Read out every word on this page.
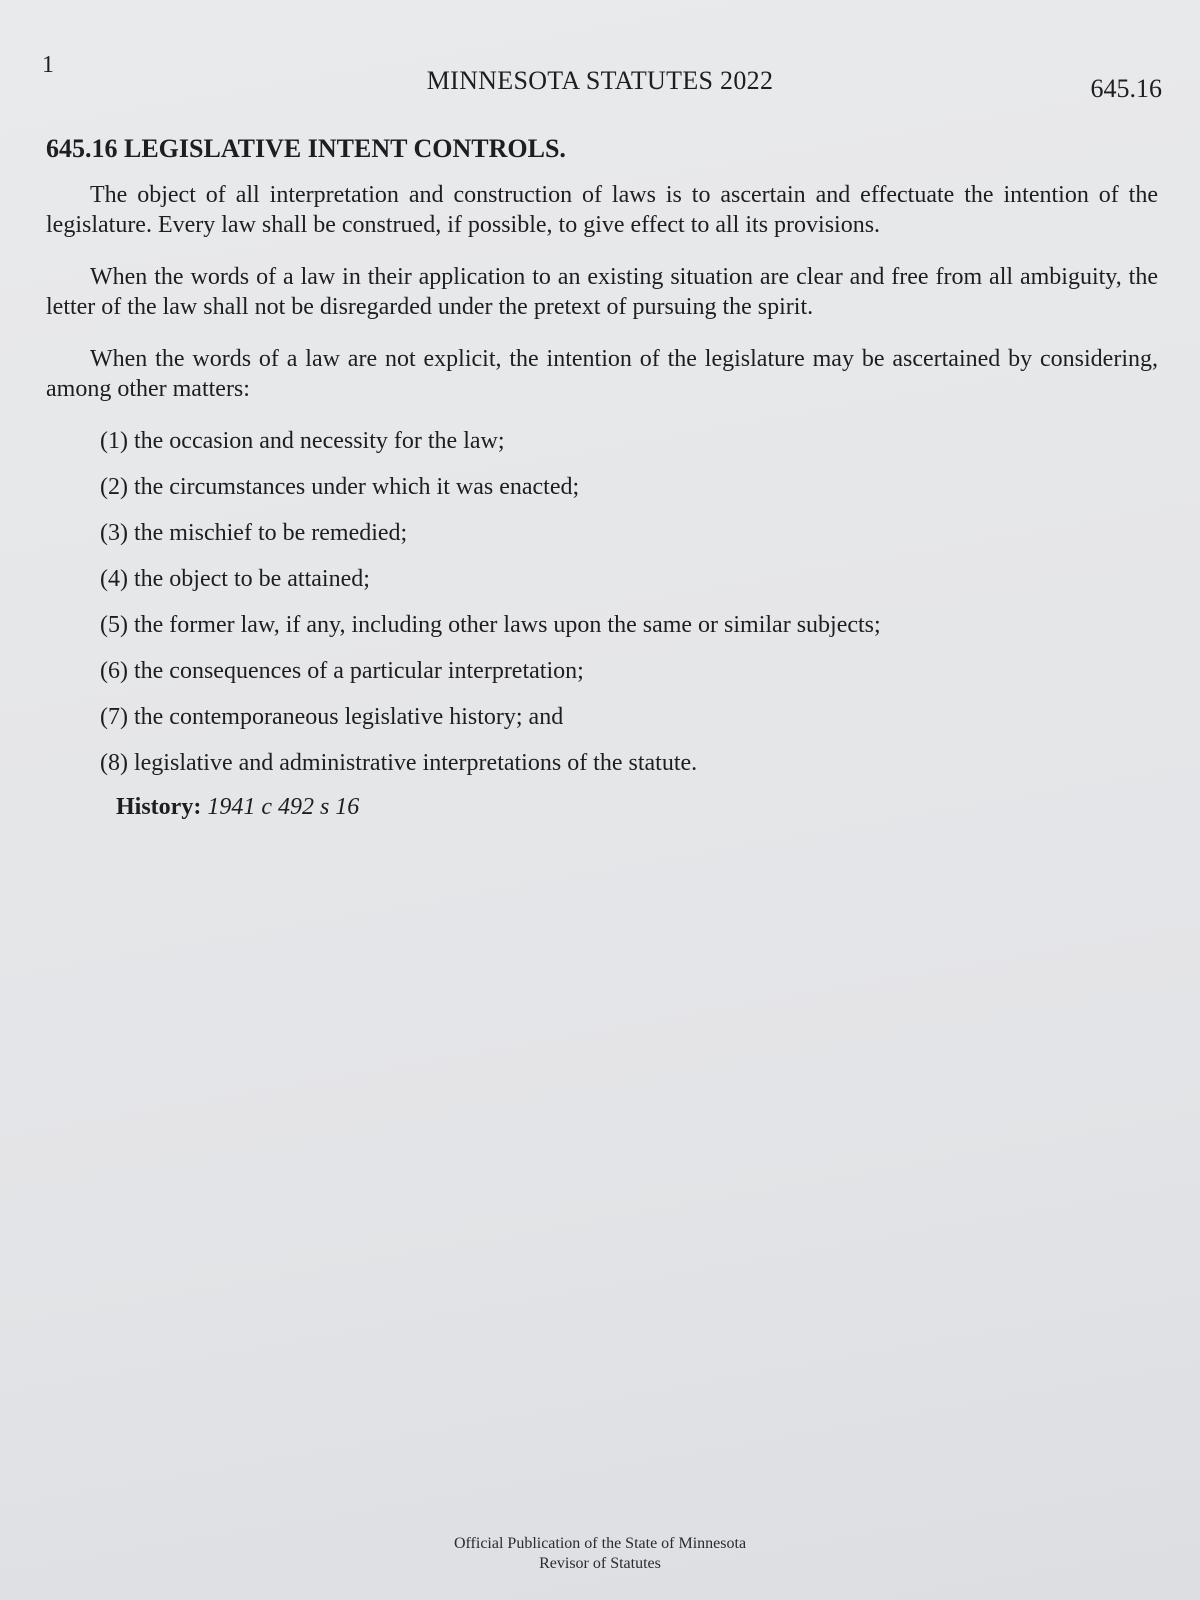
1
MINNESOTA STATUTES 2022	645.16
645.16 LEGISLATIVE INTENT CONTROLS.

The object of all interpretation and construction of laws is to ascertain and effectuate the intention of the legislature. Every law shall be construed, if possible, to give effect to all its provisions.

When the words of a law in their application to an existing situation are clear and free from all ambiguity, the letter of the law shall not be disregarded under the pretext of pursuing the spirit.

When the words of a law are not explicit, the intention of the legislature may be ascertained by considering, among other matters:

(1) the occasion and necessity for the law;
(2) the circumstances under which it was enacted;
(3) the mischief to be remedied;
(4) the object to be attained;
(5) the former law, if any, including other laws upon the same or similar subjects;
(6) the consequences of a particular interpretation;
(7) the contemporaneous legislative history; and
(8) legislative and administrative interpretations of the statute.
History: 1941 c 492 s 16
Official Publication of the State of Minnesota
Revisor of Statutes
